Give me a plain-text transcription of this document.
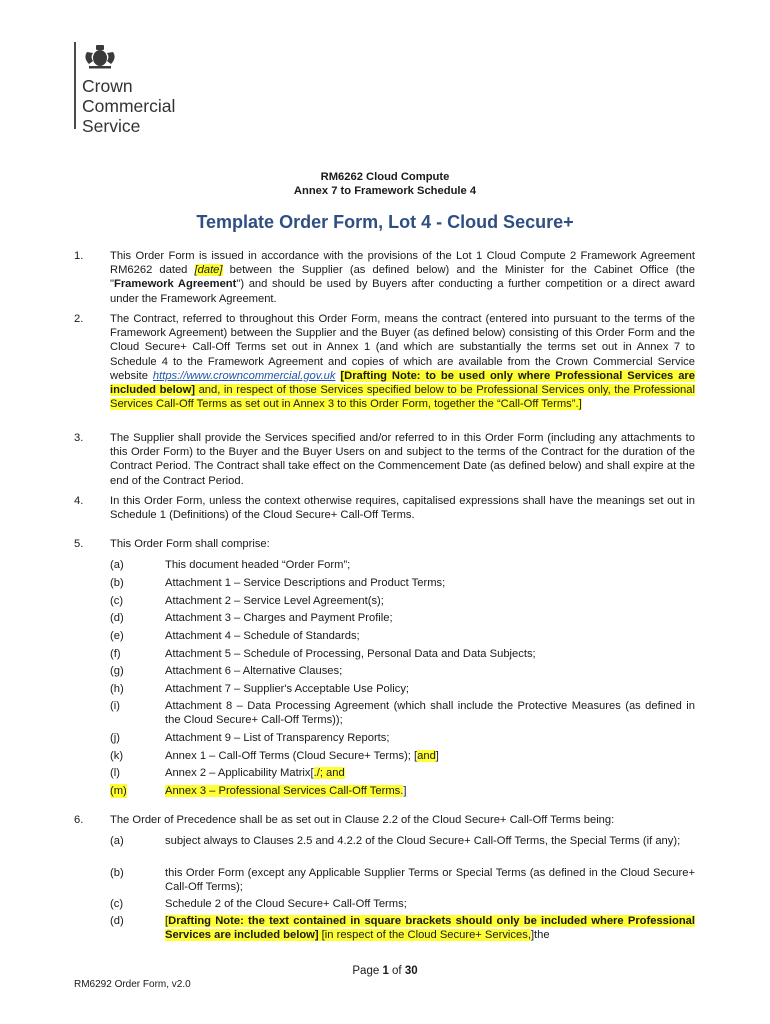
Crown
Commercial
Service
RM6262 Cloud Compute
Annex 7 to Framework Schedule 4
Template Order Form, Lot 4 - Cloud Secure+
1. This Order Form is issued in accordance with the provisions of the Lot 1 Cloud Compute 2 Framework Agreement RM6262 dated [date] between the Supplier (as defined below) and the Minister for the Cabinet Office (the "Framework Agreement") and should be used by Buyers after conducting a further competition or a direct award under the Framework Agreement.
2. The Contract, referred to throughout this Order Form, means the contract (entered into pursuant to the terms of the Framework Agreement) between the Supplier and the Buyer (as defined below) consisting of this Order Form and the Cloud Secure+ Call-Off Terms set out in Annex 1 (and which are substantially the terms set out in Annex 7 to Schedule 4 to the Framework Agreement and copies of which are available from the Crown Commercial Service website https://www.crowncommercial.gov.uk [Drafting Note: to be used only where Professional Services are included below] and, in respect of those Services specified below to be Professional Services only, the Professional Services Call-Off Terms as set out in Annex 3 to this Order Form, together the “Call-Off Terms”.]
3. The Supplier shall provide the Services specified and/or referred to in this Order Form (including any attachments to this Order Form) to the Buyer and the Buyer Users on and subject to the terms of the Contract for the duration of the Contract Period. The Contract shall take effect on the Commencement Date (as defined below) and shall expire at the end of the Contract Period.
4. In this Order Form, unless the context otherwise requires, capitalised expressions shall have the meanings set out in Schedule 1 (Definitions) of the Cloud Secure+ Call-Off Terms.
5. This Order Form shall comprise:
(a)	This document headed “Order Form”;
(b)	Attachment 1 – Service Descriptions and Product Terms;
(c)	Attachment 2 – Service Level Agreement(s);
(d)	Attachment 3 – Charges and Payment Profile;
(e)	Attachment 4 – Schedule of Standards;
(f)	Attachment 5 – Schedule of Processing, Personal Data and Data Subjects;
(g)	Attachment 6 – Alternative Clauses;
(h)	Attachment 7 – Supplier's Acceptable Use Policy;
(i)	Attachment 8 – Data Processing Agreement (which shall include the Protective Measures (as defined in the Cloud Secure+ Call-Off Terms));
(j)	Attachment 9 – List of Transparency Reports;
(k)	Annex 1 – Call-Off Terms (Cloud Secure+ Terms); [and]
(l)	Annex 2 – Applicability Matrix[./; and
(m)	Annex 3 – Professional Services Call-Off Terms.]
6. The Order of Precedence shall be as set out in Clause 2.2 of the Cloud Secure+ Call-Off Terms being:
(a)	subject always to Clauses 2.5 and 4.2.2 of the Cloud Secure+ Call-Off Terms, the Special Terms (if any);
(b)	this Order Form (except any Applicable Supplier Terms or Special Terms (as defined in the Cloud Secure+ Call-Off Terms);
(c)	Schedule 2 of the Cloud Secure+ Call-Off Terms;
(d)	[Drafting Note: the text contained in square brackets should only be included where Professional Services are included below] [in respect of the Cloud Secure+ Services,]the
Page 1 of 30
RM6292 Order Form, v2.0
